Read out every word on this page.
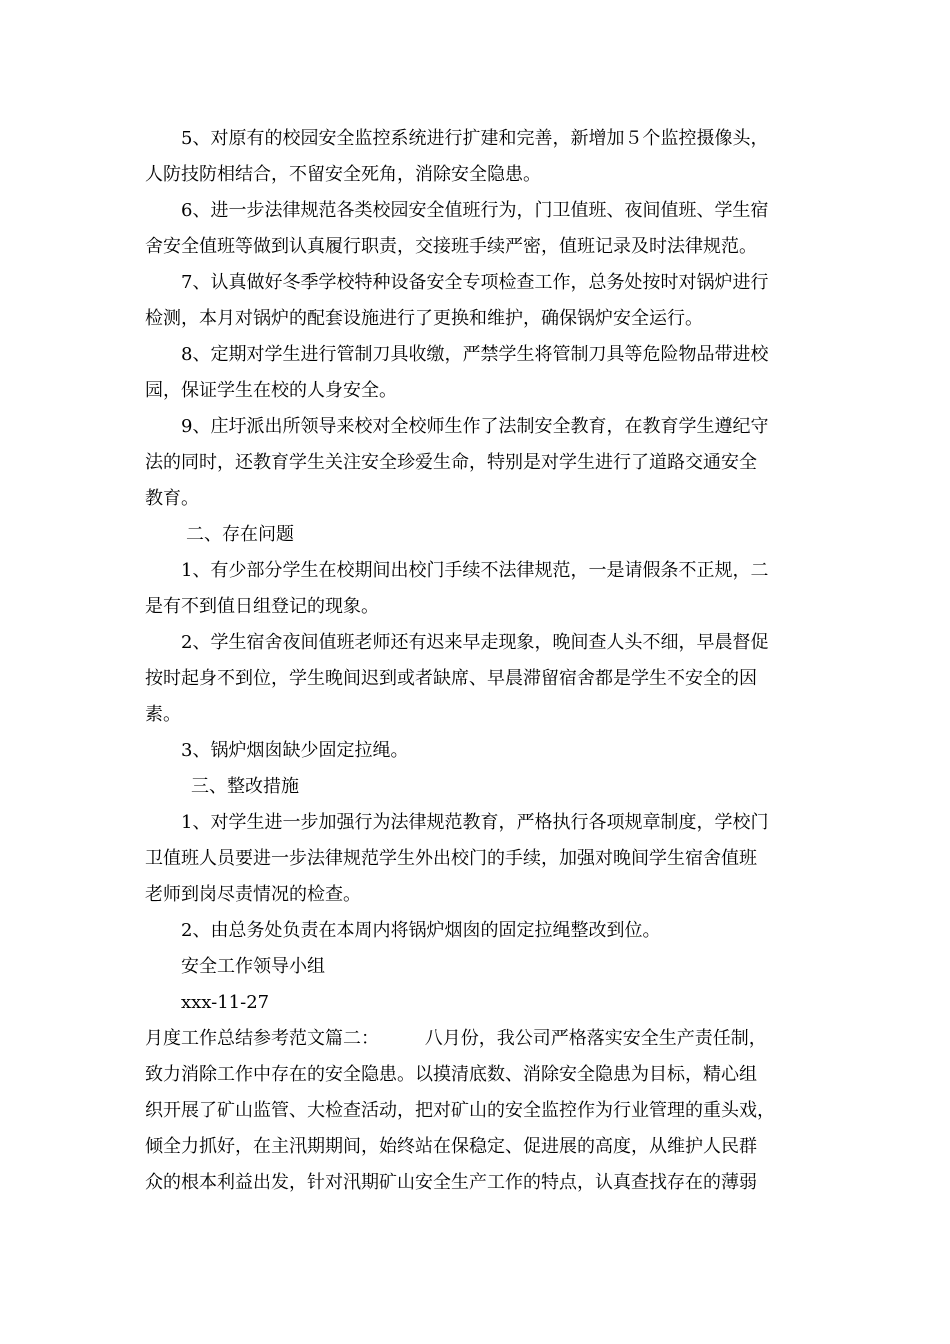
5、对原有的校园安全监控系统进行扩建和完善，新增加５个监控摄像头，

人防技防相结合，不留安全死角，消除安全隐患。

6、进一步法律规范各类校园安全值班行为，门卫值班、夜间值班、学生宿

舍安全值班等做到认真履行职责，交接班手续严密，值班记录及时法律规范。

7、认真做好冬季学校特种设备安全专项检查工作，总务处按时对锅炉进行

检测，本月对锅炉的配套设施进行了更换和维护，确保锅炉安全运行。

8、定期对学生进行管制刀具收缴，严禁学生将管制刀具等危险物品带进校

园，保证学生在校的人身安全。

9、庄圩派出所领导来校对全校师生作了法制安全教育，在教育学生遵纪守

法的同时，还教育学生关注安全珍爱生命，特别是对学生进行了道路交通安全

教育。

二、存在问题

1、有少部分学生在校期间出校门手续不法律规范，一是请假条不正规，二

是有不到值日组登记的现象。

2、学生宿舍夜间值班老师还有迟来早走现象，晚间查人头不细，早晨督促

按时起身不到位，学生晚间迟到或者缺席、早晨滞留宿舍都是学生不安全的因

素。

3、锅炉烟囱缺少固定拉绳。

三、整改措施

1、对学生进一步加强行为法律规范教育，严格执行各项规章制度，学校门

卫值班人员要进一步法律规范学生外出校门的手续，加强对晚间学生宿舍值班

老师到岗尽责情况的检查。

2、由总务处负责在本周内将锅炉烟囱的固定拉绳整改到位。

安全工作领导小组

xxx-11-27

月度工作总结参考范文篇二：        八月份，我公司严格落实安全生产责任制，

致力消除工作中存在的安全隐患。以摸清底数、消除安全隐患为目标，精心组

织开展了矿山监管、大检查活动，把对矿山的安全监控作为行业管理的重头戏，

倾全力抓好，在主汛期期间，始终站在保稳定、促进展的高度，从维护人民群

众的根本利益出发，针对汛期矿山安全生产工作的特点，认真查找存在的薄弱
